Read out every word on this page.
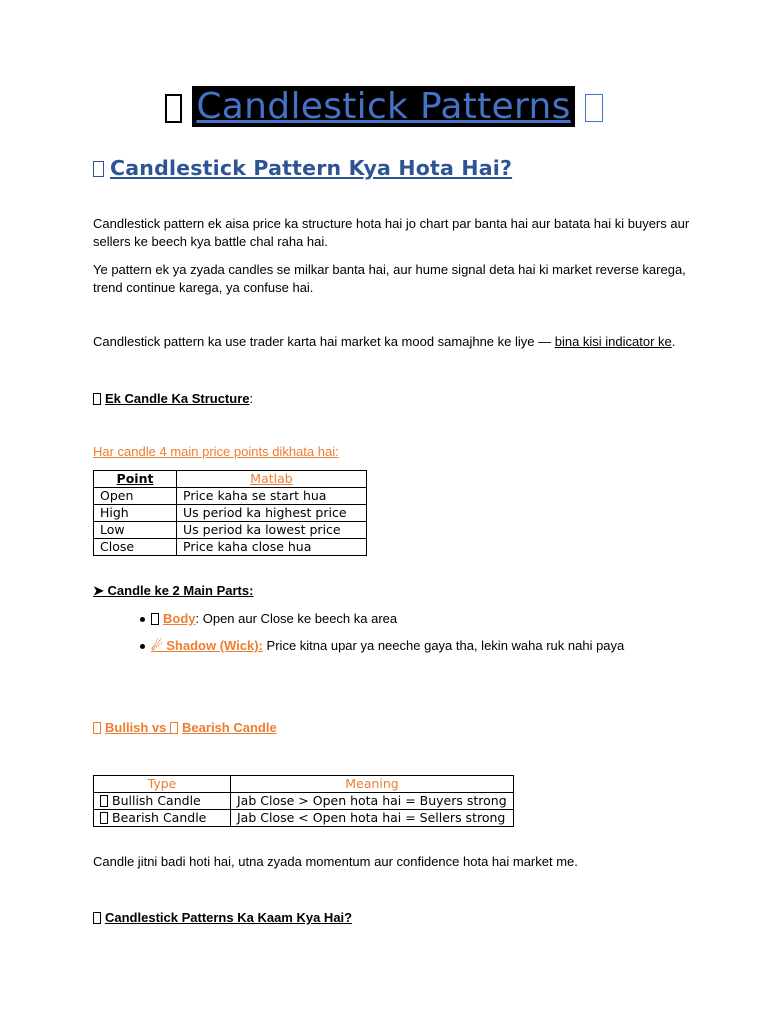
Candlestick Patterns
Candlestick Pattern Kya Hota Hai?
Candlestick pattern ek aisa price ka structure hota hai jo chart par banta hai aur batata hai ki buyers aur sellers ke beech kya battle chal raha hai.
Ye pattern ek ya zyada candles se milkar banta hai, aur hume signal deta hai ki market reverse karega, trend continue karega, ya confuse hai.
Candlestick pattern ka use trader karta hai market ka mood samajhne ke liye — bina kisi indicator ke.
Ek Candle Ka Structure:
Har candle 4 main price points dikhata hai:
Point	Matlab
Open	Price kaha se start hua
High	Us period ka highest price
Low	Us period ka lowest price
Close	Price kaha close hua
➤ Candle ke 2 Main Parts:
Body: Open aur Close ke beech ka area
☄ Shadow (Wick): Price kitna upar ya neeche gaya tha, lekin waha ruk nahi paya
Bullish vs Bearish Candle
Type	Meaning
Bullish Candle	Jab Close > Open hota hai = Buyers strong
Bearish Candle	Jab Close < Open hota hai = Sellers strong
Candle jitni badi hoti hai, utna zyada momentum aur confidence hota hai market me.
Candlestick Patterns Ka Kaam Kya Hai?
